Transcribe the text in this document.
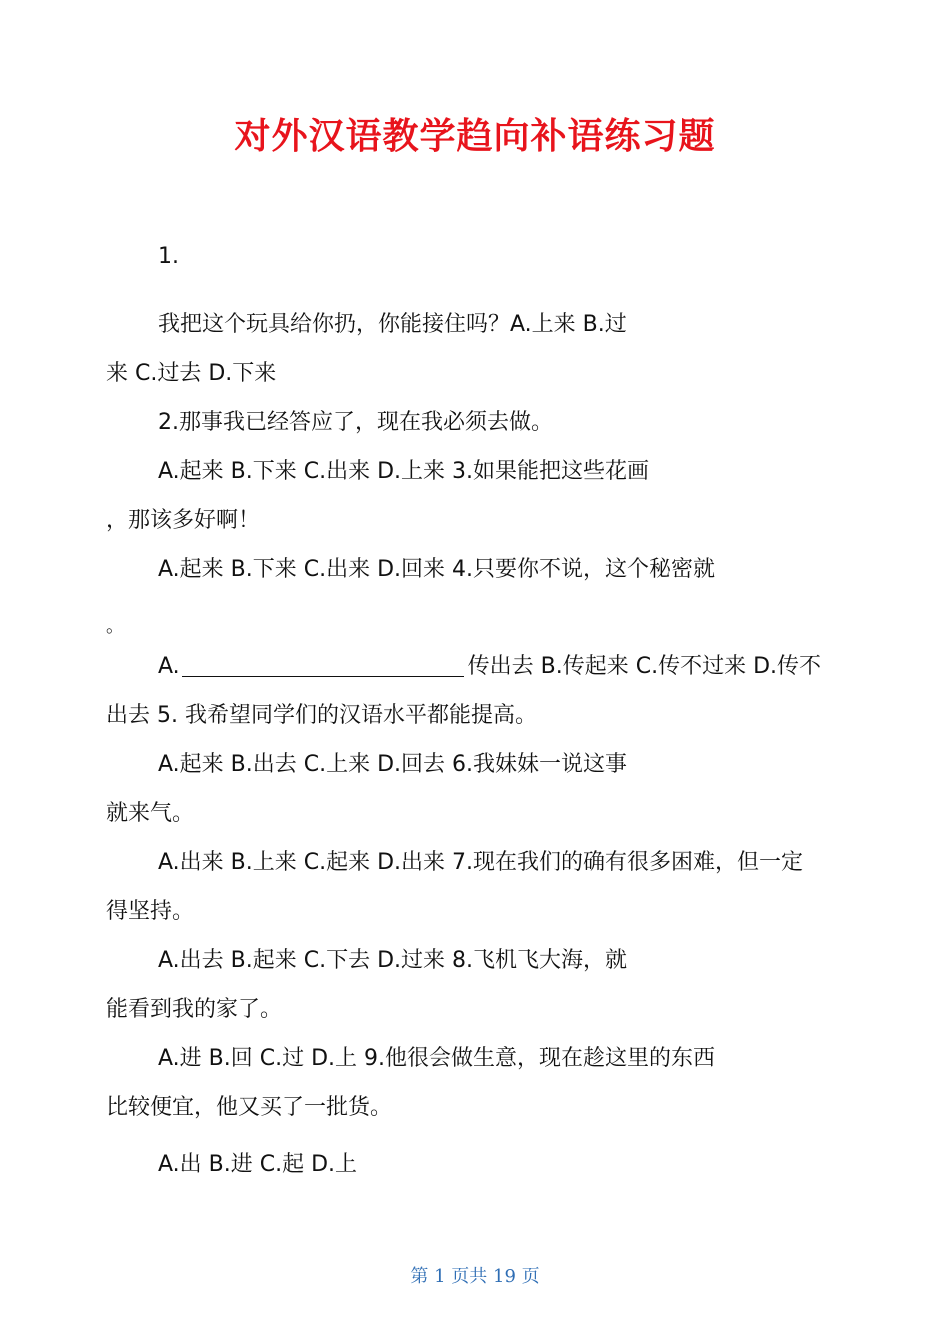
对外汉语教学趋向补语练习题
1.
我把这个玩具给你扔，你能接住吗？A.上来 B.过
来 C.过去 D.下来
2.那事我已经答应了，现在我必须去做。
A.起来 B.下来 C.出来 D.上来 3.如果能把这些花画
，那该多好啊！
A.起来 B.下来 C.出来 D.回来 4.只要你不说，这个秘密就
。
A.	传出去 B.传起来 C.传不过来 D.传不
出去 5. 我希望同学们的汉语水平都能提高。
A.起来 B.出去 C.上来 D.回去 6.我妹妹一说这事
就来气。
A.出来 B.上来 C.起来 D.出来 7.现在我们的确有很多困难，但一定
得坚持。
A.出去 B.起来 C.下去 D.过来 8.飞机飞大海，就
能看到我的家了。
A.进 B.回 C.过 D.上 9.他很会做生意，现在趁这里的东西
比较便宜，他又买了一批货。
A.出 B.进 C.起 D.上
第 1 页共 19 页
